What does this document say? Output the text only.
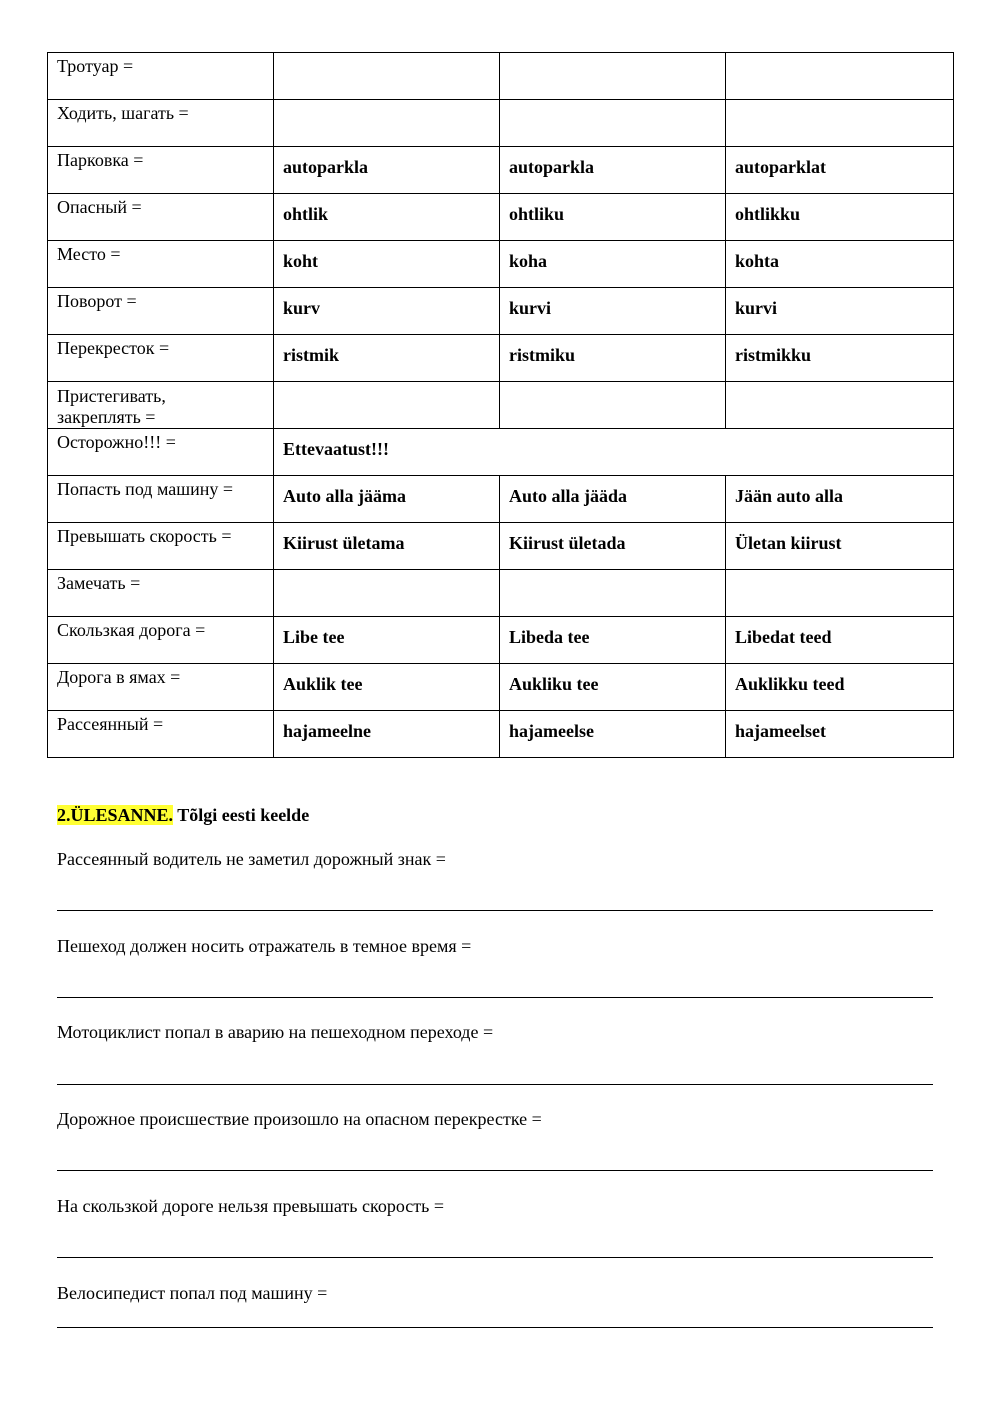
Тротуар =			
Ходить, шагать =			
Парковка =	autoparkla	autoparkla	autoparklat
Опасный =	ohtlik	ohtliku	ohtlikku
Место =	koht	koha	kohta
Поворот =	kurv	kurvi	kurvi
Перекресток =	ristmik	ristmiku	ristmikku
Пристегивать,
закреплять =			
Осторожно!!! =	Ettevaatust!!!		
Попасть под машину =	Auto alla jääma	Auto alla jääda	Jään auto alla
Превышать скорость =	Kiirust ületama	Kiirust ületada	Ületan kiirust
Замечать =			
Скользкая дорога =	Libe tee	Libeda tee	Libedat teed
Дорога в ямах =	Auklik tee	Aukliku tee	Auklikku teed
Рассеянный =	hajameelne	hajameelse	hajameelset
2.ÜLESANNE. Tõlgi eesti keelde
Рассеянный водитель не заметил дорожный знак =
Пешеход должен носить отражатель в темное время =
Мотоциклист попал в аварию на пешеходном переходе =
Дорожное происшествие произошло на опасном перекрестке =
На скользкой дороге нельзя превышать скорость =
Велосипедист попал под машину =
